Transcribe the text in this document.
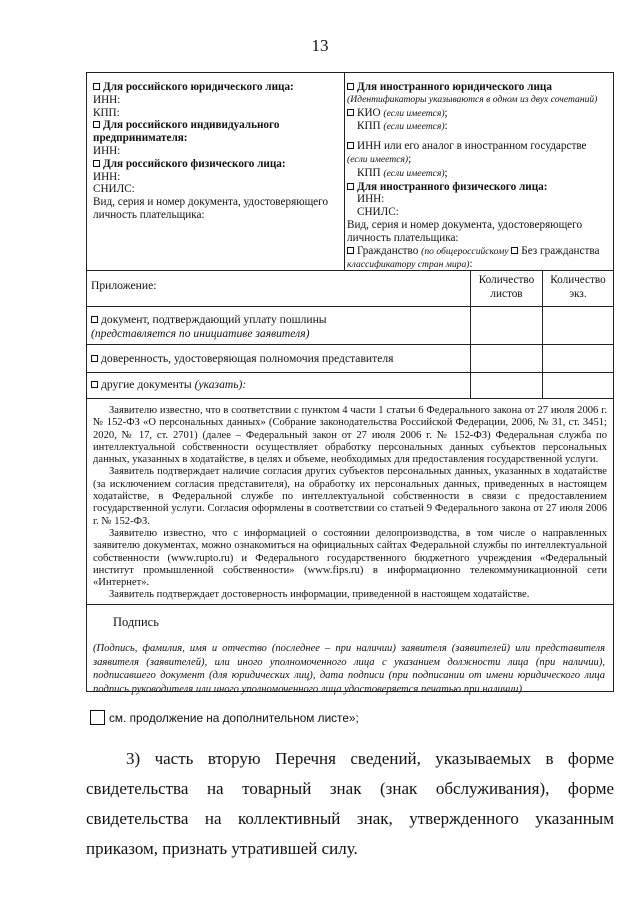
13
Для российского юридического лица:
ИНН:
КПП:
Для российского индивидуального предпринимателя:
ИНН:
Для российского физического лица:
ИНН:
СНИЛС:
Вид, серия и номер документа, удостоверяющего личность плательщика:
Для иностранного юридического лица
(Идентификаторы указываются в одном из двух сочетаний)
КИО (если имеется);
КПП (если имеется):
ИНН или его аналог в иностранном государстве
(если имеется);
КПП (если имеется);
Для иностранного физического лица:
ИНН:
СНИЛС:
Вид, серия и номер документа, удостоверяющего личность плательщика:
Гражданство (по общероссийскому Без гражданства
классификатору стран мира):
Приложение:	Количество листов
Количество экз.
документ, подтверждающий уплату пошлины
(представляется по инициативе заявителя)
доверенность, удостоверяющая полномочия представителя
другие документы (указать):

Заявителю известно, что в соответствии с пунктом 4 части 1 статьи 6 Федерального закона от 27 июля 2006 г. № 152-ФЗ «О персональных данных» (Собрание законодательства Российской Федерации, 2006, № 31, ст. 3451; 2020, № 17, ст. 2701) (далее – Федеральный закон от 27 июля 2006 г. № 152-ФЗ) Федеральная служба по интеллектуальной собственности осуществляет обработку персональных данных субъектов персональных данных, указанных в ходатайстве, в целях и объеме, необходимых для предоставления государственной услуги.

Заявитель подтверждает наличие согласия других субъектов персональных данных, указанных в ходатайстве (за исключением согласия представителя), на обработку их персональных данных, приведенных в настоящем ходатайстве, в Федеральной службе по интеллектуальной собственности в связи с предоставлением государственной услуги. Согласия оформлены в соответствии со статьей 9 Федерального закона от 27 июля 2006 г. № 152-ФЗ.

Заявителю известно, что с информацией о состоянии делопроизводства, в том числе о направленных заявителю документах, можно ознакомиться на официальных сайтах Федеральной службы по интеллектуальной собственности (www.rupto.ru) и Федерального государственного бюджетного учреждения «Федеральный институт промышленной собственности» (www.fips.ru) в информационно телекоммуникационной сети «Интернет».

Заявитель подтверждает достоверность информации, приведенной в настоящем ходатайстве.

Подпись
(Подпись, фамилия, имя и отчество (последнее – при наличии) заявителя (заявителей) или представителя заявителя (заявителей), или иного уполномоченного лица с указанием должности лица (при наличии), подписавшего документ (для юридических лиц), дата подписи (при подписании от имени юридического лица подпись руководителя или иного уполномоченного лица удостоверяется печатью при наличии)
см. продолжение на дополнительном листе»;

3) часть вторую Перечня сведений, указываемых в форме свидетельства на товарный знак (знак обслуживания), форме свидетельства на коллективный знак, утвержденного указанным приказом, признать утратившей силу.
